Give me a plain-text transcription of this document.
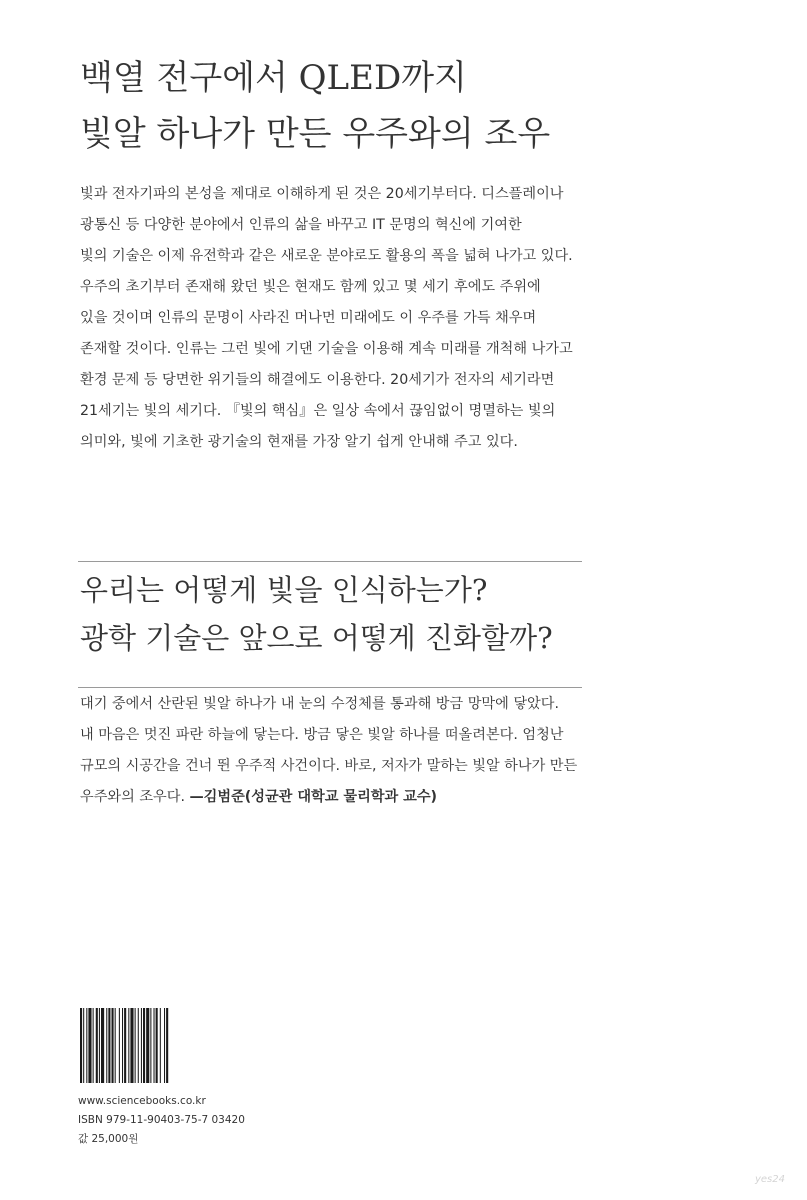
백열 전구에서 QLED까지
빛알 하나가 만든 우주와의 조우
빛과 전자기파의 본성을 제대로 이해하게 된 것은 20세기부터다. 디스플레이나
광통신 등 다양한 분야에서 인류의 삶을 바꾸고 IT 문명의 혁신에 기여한
빛의 기술은 이제 유전학과 같은 새로운 분야로도 활용의 폭을 넓혀 나가고 있다.
우주의 초기부터 존재해 왔던 빛은 현재도 함께 있고 몇 세기 후에도 주위에
있을 것이며 인류의 문명이 사라진 머나먼 미래에도 이 우주를 가득 채우며
존재할 것이다. 인류는 그런 빛에 기댄 기술을 이용해 계속 미래를 개척해 나가고
환경 문제 등 당면한 위기들의 해결에도 이용한다. 20세기가 전자의 세기라면
21세기는 빛의 세기다. 『빛의 핵심』은 일상 속에서 끊임없이 명멸하는 빛의
의미와, 빛에 기초한 광기술의 현재를 가장 알기 쉽게 안내해 주고 있다.
우리는 어떻게 빛을 인식하는가?
광학 기술은 앞으로 어떻게 진화할까?
대기 중에서 산란된 빛알 하나가 내 눈의 수정체를 통과해 방금 망막에 닿았다.
내 마음은 멋진 파란 하늘에 닿는다. 방금 닿은 빛알 하나를 떠올려본다. 엄청난
규모의 시공간을 건너 뛴 우주적 사건이다. 바로, 저자가 말하는 빛알 하나가 만든
우주와의 조우다. —김범준(성균관 대학교 물리학과 교수)
www.sciencebooks.co.kr
ISBN 979-11-90403-75-7 03420
값 25,000원
yes24
